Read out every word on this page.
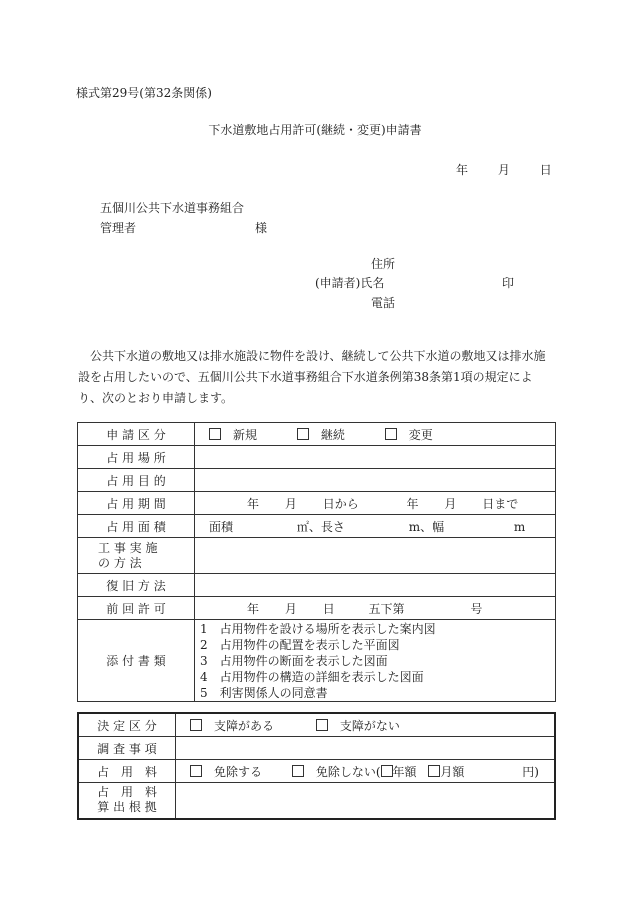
様式第29号(第32条関係)
下水道敷地占用許可(継続・変更)申請書
年 月 日
五個川公共下水道事務組合
管理者	様
住所
(申請者)氏名	印
電話
公共下水道の敷地又は排水施設に物件を設け、継続して公共下水道の敷地又は排水施設を占用したいので、五個川公共下水道事務組合下水道条例第38条第1項の規定により、次のとおり申請します。
申 請 区 分	新規 継続 変更
占 用 場 所	
占 用 目 的	
占 用 期 間	年 月 日から 年 月 日まで
占 用 面 積	面積 ㎡、長さ m、幅 m

工 事 実 施
の 方 法	

復 旧 方 法	
前 回 許 可	年 月 日 五下第 号
添 付 書 類	1　占用物件を設ける場所を表示した案内図
2　占用物件の配置を表示した平面図
3　占用物件の断面を表示した図面
4　占用物件の構造の詳細を表示した図面
5　利害関係人の同意書
決 定 区 分	支障がある 支障がない
調 査 事 項	
占　用　料	免除する 免除しない( 年額 月額 円)

占　用　料
算 出 根 拠	
